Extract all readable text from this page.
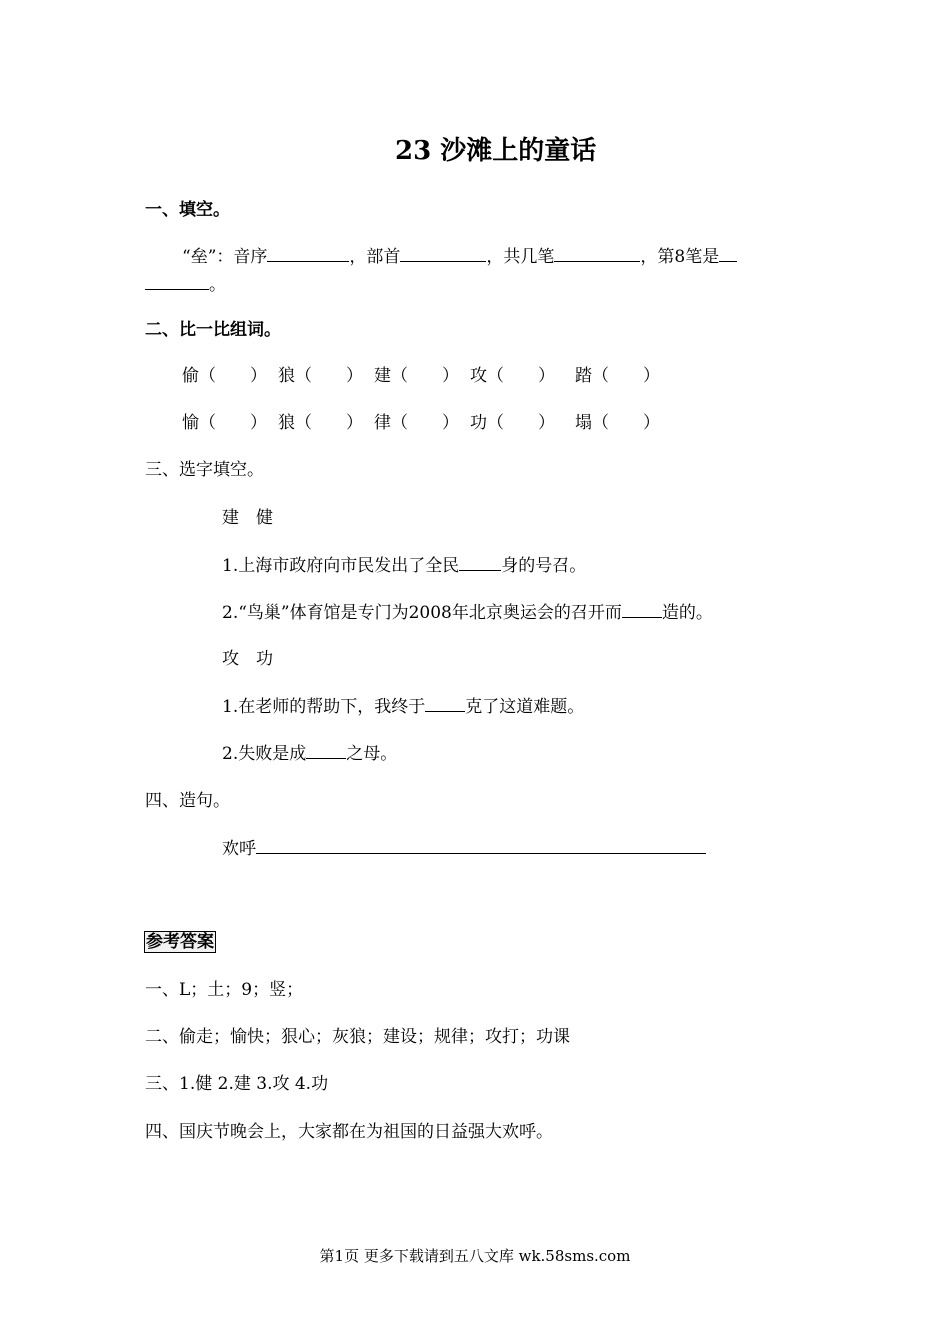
23 沙滩上的童话
一、填空。
“垒”：音序	，部首	，共几笔	，第8笔是
。
二、比一比组词。
偷（　　） 狼（　　） 建（　　） 攻（　　） 踏（　　）
愉（　　） 狼（　　） 律（　　） 功（　　） 塌（　　）
三、选字填空。
建　健
1.上海市政府向市民发出了全民 身的号召。
2.“鸟巢”体育馆是专门为2008年北京奥运会的召开而 造的。
攻　功
1.在老师的帮助下，我终于 克了这道难题。
2.失败是成 之母。
四、造句。
欢呼
参考答案
一、L；土；9；竖；
二、偷走；愉快；狠心；灰狼；建设；规律；攻打；功课
三、1.健 2.建 3.攻 4.功
四、国庆节晚会上，大家都在为祖国的日益强大欢呼。
第1页 更多下载请到五八文库 wk.58sms.com
